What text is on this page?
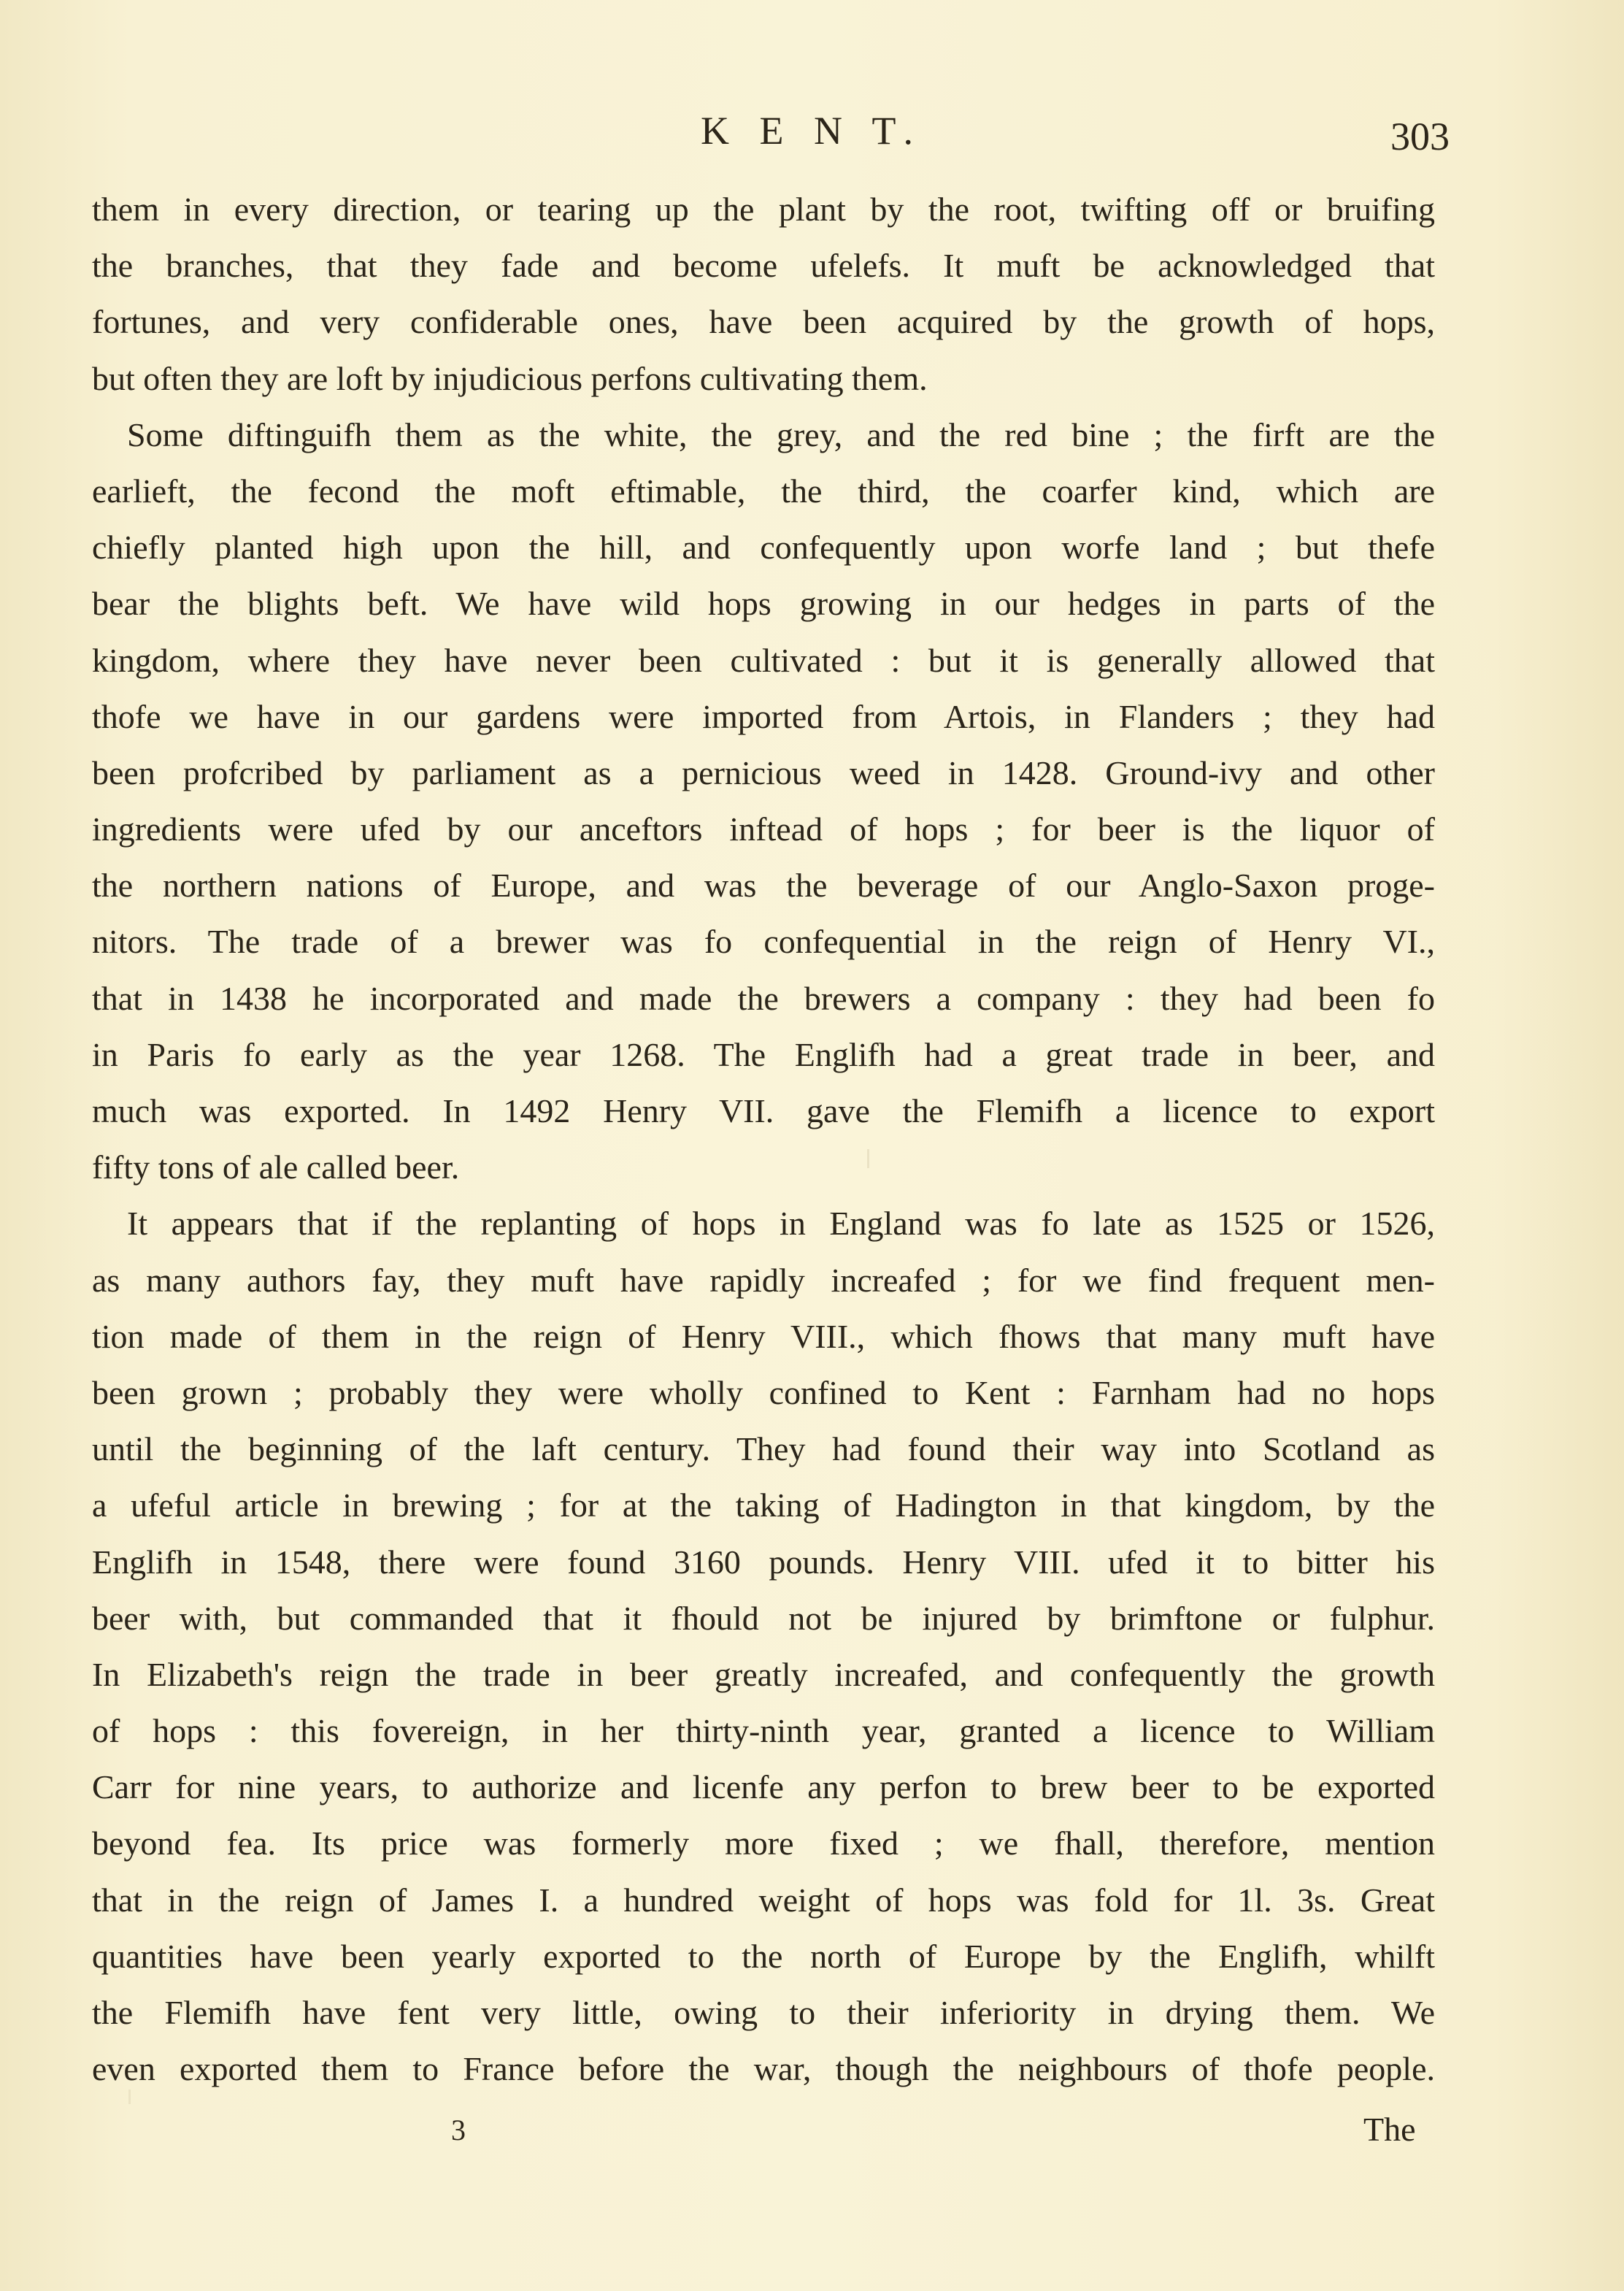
K E N T.	303
them in every direction, or tearing up the plant by the root, twifting off or bruifing
the branches, that they fade and become ufelefs. It muft be acknowledged that
fortunes, and very confiderable ones, have been acquired by the growth of hops,
but often they are loft by injudicious perfons cultivating them.
Some diftinguifh them as the white, the grey, and the red bine ; the firft are the
earlieft, the fecond the moft eftimable, the third, the coarfer kind, which are
chiefly planted high upon the hill, and confequently upon worfe land ; but thefe
bear the blights beft. We have wild hops growing in our hedges in parts of the
kingdom, where they have never been cultivated : but it is generally allowed that
thofe we have in our gardens were imported from Artois, in Flanders ; they had
been profcribed by parliament as a pernicious weed in 1428. Ground-ivy and other
ingredients were ufed by our anceftors inftead of hops ; for beer is the liquor of
the northern nations of Europe, and was the beverage of our Anglo-Saxon proge-
nitors. The trade of a brewer was fo confequential in the reign of Henry VI.,
that in 1438 he incorporated and made the brewers a company : they had been fo
in Paris fo early as the year 1268. The Englifh had a great trade in beer, and
much was exported. In 1492 Henry VII. gave the Flemifh a licence to export
fifty tons of ale called beer.
It appears that if the replanting of hops in England was fo late as 1525 or 1526,
as many authors fay, they muft have rapidly increafed ; for we find frequent men-
tion made of them in the reign of Henry VIII., which fhows that many muft have
been grown ; probably they were wholly confined to Kent : Farnham had no hops
until the beginning of the laft century. They had found their way into Scotland as
a ufeful article in brewing ; for at the taking of Hadington in that kingdom, by the
Englifh in 1548, there were found 3160 pounds. Henry VIII. ufed it to bitter his
beer with, but commanded that it fhould not be injured by brimftone or fulphur.
In Elizabeth's reign the trade in beer greatly increafed, and confequently the growth
of hops : this fovereign, in her thirty-ninth year, granted a licence to William
Carr for nine years, to authorize and licenfe any perfon to brew beer to be exported
beyond fea. Its price was formerly more fixed ; we fhall, therefore, mention
that in the reign of James I. a hundred weight of hops was fold for 1l. 3s. Great
quantities have been yearly exported to the north of Europe by the Englifh, whilft
the Flemifh have fent very little, owing to their inferiority in drying them. We
even exported them to France before the war, though the neighbours of thofe people.
3	The
